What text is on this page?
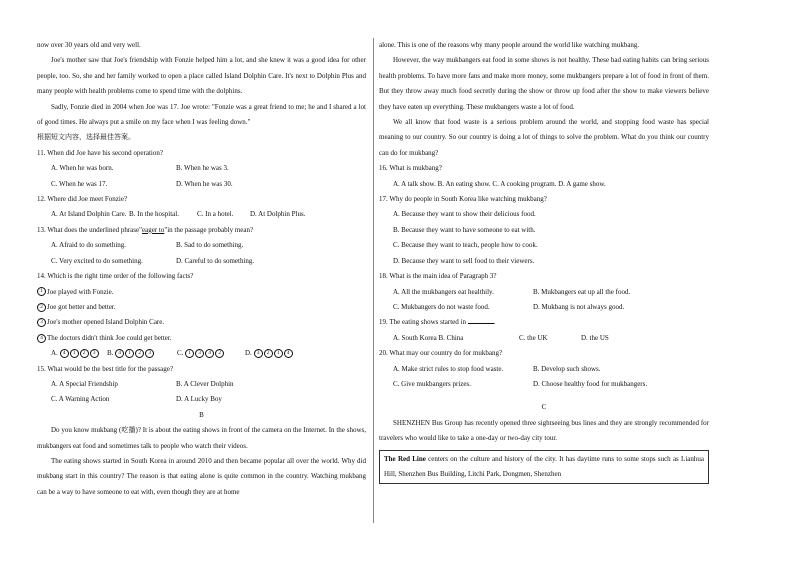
now over 30 years old and very well.
Joe's mother saw that Joe's friendship with Fonzie helped him a lot, and she knew it was a good idea for other people, too. So, she and her family worked to open a place called Island Dolphin Care. It's next to Dolphin Plus and many people with health problems come to spend time with the dolphins.
Sadly, Fonzie died in 2004 when Joe was 17. Joe wrote: "Fonzie was a great friend to me; he and I shared a lot of good times. He always put a smile on my face when I was feeling down."
根据短文内容，选择最佳答案。
11. When did Joe have his second operation?
A. When he was born.	B. When he was 3.
C. When he was 17.	D. When he was 30.
12. Where did Joe meet Fonzie?
A. At Island Dolphin Care. B. In the hospital.	C. In a hotel.	D. At Dolphin Plus.
13. What does the underlined phrase"eager to"in the passage probably mean?
A. Afraid to do something.	B. Sad to do something.
C. Very excited to do something.	D. Careful to do something.
14. Which is the right time order of the following facts?
1 Joe played with Fonzie.
2 Joe got better and better.
3 Joe's mother opened Island Dolphin Care.
4 The doctors didn't think Joe could get better.
A. 4 1 2 3	B. 4 1 2 3	C. 1 3 4 2	D. 3 2 1 4
15. What would be the best title for the passage?
A. A Special Friendship	B. A Clever Dolphin
C. A Warning Action	D. A Lucky Boy
B
Do you know mukbang (吃播)? It is about the eating shows in front of the camera on the Internet. In the shows, mukbangers eat food and sometimes talk to people who watch their videos.
The eating shows started in South Korea in around 2010 and then became popular all over the world. Why did mukbang start in this country? The reason is that eating alone is quite common in the country. Watching mukbang can be a way to have someone to eat with, even though they are at home
alone. This is one of the reasons why many people around the world like watching mukbang.
However, the way mukbangers eat food in some shows is not healthy. These bad eating habits can bring serious health problems. To have more fans and make more money, some mukbangers prepare a lot of food in front of them. But they throw away much food secretly during the show or throw up food after the show to make viewers believe they have eaten up everything. These mukbangers waste a lot of food.
We all know that food waste is a serious problem around the world, and stopping food waste has special meaning to our country. So our country is doing a lot of things to solve the problem. What do you think our country can do for mukbang?
16. What is mukbang?
A. A talk show. B. An eating show. C. A cooking program. D. A game show.
17. Why do people in South Korea like watching mukbang?
A. Because they want to show their delicious food.
B. Because they want to have someone to eat with.
C. Because they want to teach, people how to cook.
D. Because they want to sell food to their viewers.
18. What is the main idea of Paragraph 3?
A. All the mukbangers eat healthily.	B. Mukbangers eat up all the food.
C. Mukbangers do not waste food.	D. Mukbang is not always good.
19. The eating shows started in	.
A. South Korea B. China	C. the UK	D. the US
20. What may our country do for mukbang?
A. Make strict rules to stop food waste.	B. Develop such shows.
C. Give mukbangers prizes.	D. Choose healthy food for mukbangers.
C
SHENZHEN Bus Group has recently opened three sightseeing bus lines and they are strongly recommended for travelers who would like to take a one-day or two-day city tour.
The Red Line centers on the culture and history of the city. It has daytime runs to some stops such as Lianhua Hill, Shenzhen Bus Building, Litchi Park, Dongmen, Shenzhen
